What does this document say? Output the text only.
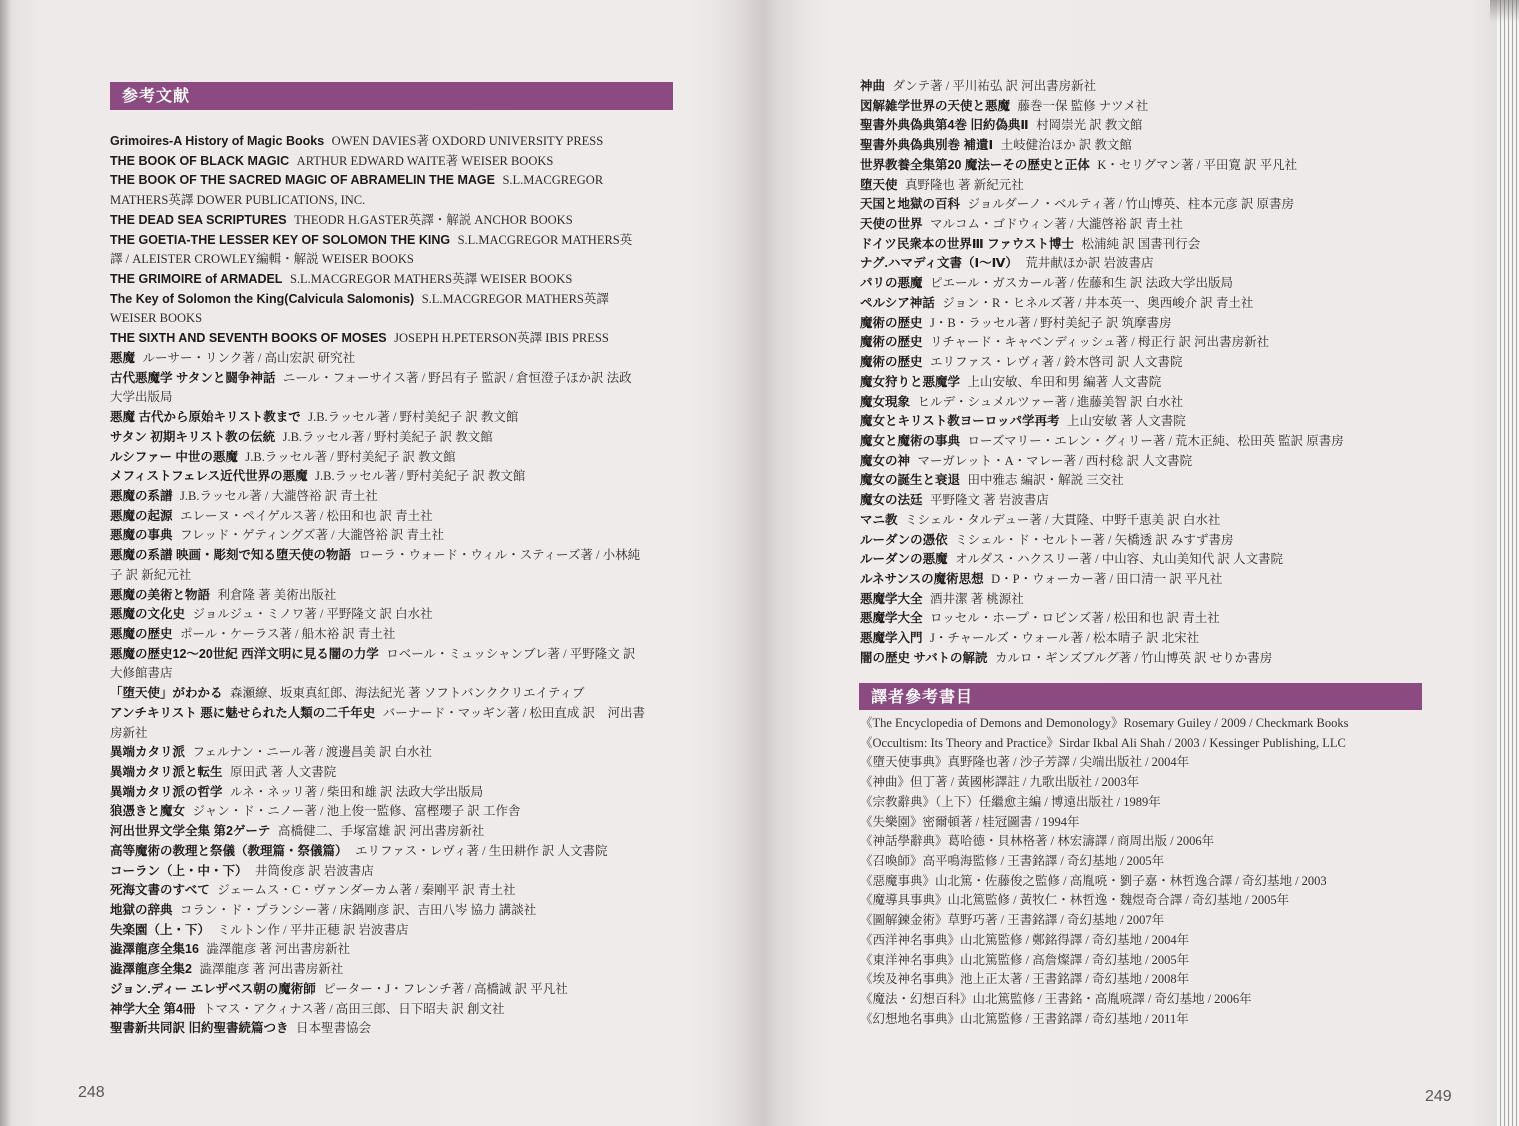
参考文献
Grimoires-A History of Magic Books OWEN DAVIES著 OXDORD UNIVERSITY PRESS
THE BOOK OF BLACK MAGIC ARTHUR EDWARD WAITE著 WEISER BOOKS
THE BOOK OF THE SACRED MAGIC OF ABRAMELIN THE MAGE S.L.MACGREGOR
MATHERS英譯 DOWER PUBLICATIONS, INC.
THE DEAD SEA SCRIPTURES THEODR H.GASTER英譯・解説 ANCHOR BOOKS
THE GOETIA-THE LESSER KEY OF SOLOMON THE KING S.L.MACGREGOR MATHERS英
譯 / ALEISTER CROWLEY編輯・解説 WEISER BOOKS
THE GRIMOIRE of ARMADEL S.L.MACGREGOR MATHERS英譯 WEISER BOOKS
The Key of Solomon the King(Calvicula Salomonis) S.L.MACGREGOR MATHERS英譯
WEISER BOOKS
THE SIXTH AND SEVENTH BOOKS OF MOSES JOSEPH H.PETERSON英譯 IBIS PRESS
悪魔 ルーサー・リンク著 / 高山宏訳 研究社
古代悪魔学 サタンと闘争神話 ニール・フォーサイス著 / 野呂有子 監訳 / 倉恒澄子ほか訳 法政
大学出版局
悪魔 古代から原始キリスト教まで J.B.ラッセル著 / 野村美紀子 訳 教文館
サタン 初期キリスト教の伝統 J.B.ラッセル著 / 野村美紀子 訳 教文館
ルシファー 中世の悪魔 J.B.ラッセル著 / 野村美紀子 訳 教文館
メフィストフェレス近代世界の悪魔 J.B.ラッセル著 / 野村美紀子 訳 教文館
悪魔の系譜 J.B.ラッセル著 / 大瀧啓裕 訳 青土社
悪魔の起源 エレーヌ・ペイゲルス著 / 松田和也 訳 青土社
悪魔の事典 フレッド・ゲティングズ著 / 大瀧啓裕 訳 青土社
悪魔の系譜 映画・彫刻で知る堕天使の物語 ローラ・ウォード・ウィル・スティーズ著 / 小林純
子 訳 新紀元社
悪魔の美術と物語 利倉隆 著 美術出版社
悪魔の文化史 ジョルジュ・ミノワ著 / 平野隆文 訳 白水社
悪魔の歴史 ポール・ケーラス著 / 船木裕 訳 青土社
悪魔の歴史12～20世紀 西洋文明に見る闇の力学 ロベール・ミュッシャンブレ著 / 平野隆文 訳
大修館書店
「堕天使」がわかる 森瀬繚、坂東真紅郎、海法紀光 著 ソフトバンククリエイティブ
アンチキリスト 悪に魅せられた人類の二千年史 バーナード・マッギン著 / 松田直成 訳　河出書
房新社
異端カタリ派 フェルナン・ニール著 / 渡邊昌美 訳 白水社
異端カタリ派と転生 原田武 著 人文書院
異端カタリ派の哲学 ルネ・ネッリ著 / 柴田和雄 訳 法政大学出版局
狼憑きと魔女 ジャン・ド・ニノー著 / 池上俊一監修、富樫瓔子 訳 工作舎
河出世界文学全集 第2ゲーテ 高橋健二、手塚富雄 訳 河出書房新社
高等魔術の教理と祭儀（教理篇・祭儀篇） エリファス・レヴィ著 / 生田耕作 訳 人文書院
コーラン（上・中・下） 井筒俊彦 訳 岩波書店
死海文書のすべて ジェームス・C・ヴァンダーカム著 / 秦剛平 訳 青土社
地獄の辞典 コラン・ド・プランシー著 / 床鍋剛彦 訳、吉田八岑 協力 講談社
失楽園（上・下） ミルトン作 / 平井正穂 訳 岩波書店
澁澤龍彦全集16 澁澤龍彦 著 河出書房新社
澁澤龍彦全集2 澁澤龍彦 著 河出書房新社
ジョン.ディー エレザベス朝の魔術師 ピーター・J・フレンチ著 / 高橋誠 訳 平凡社
神学大全 第4冊 トマス・アクィナス著 / 高田三郎、日下昭夫 訳 創文社
聖書新共同訳 旧約聖書続篇つき 日本聖書協会
248
神曲 ダンテ著 / 平川祐弘 訳 河出書房新社
図解雑学世界の天使と悪魔 藤巻一保 監修 ナツメ社
聖書外典偽典第4巻 旧約偽典Ⅱ 村岡崇光 訳 教文館
聖書外典偽典別巻 補遺Ⅰ 土岐健治ほか 訳 教文館
世界教養全集第20 魔法ーその歴史と正体 K・セリグマン著 / 平田寛 訳 平凡社
堕天使 真野隆也 著 新紀元社
天国と地獄の百科 ジョルダーノ・ベルティ著 / 竹山博英、柱本元彦 訳 原書房
天使の世界 マルコム・ゴドウィン著 / 大瀧啓裕 訳 青土社
ドイツ民衆本の世界Ⅲ ファウスト博士 松浦純 訳 国書刊行会
ナグ.ハマディ文書（Ⅰ～Ⅳ） 荒井献ほか訳 岩波書店
パリの悪魔 ピエール・ガスカール著 / 佐藤和生 訳 法政大学出版局
ペルシア神話 ジョン・R・ヒネルズ著 / 井本英一、奥西峻介 訳 青土社
魔術の歴史 J・B・ラッセル著 / 野村美紀子 訳 筑摩書房
魔術の歴史 リチャード・キャベンディッシュ著 / 栂正行 訳 河出書房新社
魔術の歴史 エリファス・レヴィ著 / 鈴木啓司 訳 人文書院
魔女狩りと悪魔学 上山安敏、牟田和男 編著 人文書院
魔女現象 ヒルデ・シュメルツァー著 / 進藤美智 訳 白水社
魔女とキリスト教ヨーロッパ学再考 上山安敏 著 人文書院
魔女と魔術の事典 ローズマリー・エレン・グィリー著 / 荒木正純、松田英 監訳 原書房
魔女の神 マーガレット・A・マレー著 / 西村稔 訳 人文書院
魔女の誕生と衰退 田中雅志 編訳・解説 三交社
魔女の法廷 平野隆文 著 岩波書店
マニ教 ミシェル・タルデュー著 / 大貫隆、中野千恵美 訳 白水社
ルーダンの憑依 ミシェル・ド・セルトー著 / 矢橋透 訳 みすず書房
ルーダンの悪魔 オルダス・ハクスリー著 / 中山容、丸山美知代 訳 人文書院
ルネサンスの魔術思想 D・P・ウォーカー著 / 田口清一 訳 平凡社
悪魔学大全 酒井潔 著 桃源社
悪魔学大全 ロッセル・ホープ・ロビンズ著 / 松田和也 訳 青土社
悪魔学入門 J・チャールズ・ウォール著 / 松本晴子 訳 北宋社
闇の歴史 サバトの解読 カルロ・ギンズブルグ著 / 竹山博英 訳 せりか書房
譯者參考書目
《The Encyclopedia of Demons and Demonology》Rosemary Guiley / 2009 / Checkmark Books
《Occultism: Its Theory and Practice》Sirdar Ikbal Ali Shah / 2003 / Kessinger Publishing, LLC
《墮天使事典》真野隆也著 / 沙子芳譯 / 尖端出版社 / 2004年
《神曲》但丁著 / 黃國彬譯註 / 九歌出版社 / 2003年
《宗教辭典》（上下）任繼愈主編 / 博遠出版社 / 1989年
《失樂園》密爾頓著 / 桂冠圖書 / 1994年
《神話學辭典》葛哈德・貝林格著 / 林宏濤譯 / 商周出版 / 2006年
《召喚師》高平鳴海監修 / 王書銘譯 / 奇幻基地 / 2005年
《惡魔事典》山北篤・佐藤俊之監修 / 高胤喨・劉子嘉・林哲逸合譯 / 奇幻基地 / 2003
《魔導具事典》山北篤監修 / 黃牧仁・林哲逸・魏煜奇合譯 / 奇幻基地 / 2005年
《圖解鍊金術》草野巧著 / 王書銘譯 / 奇幻基地 / 2007年
《西洋神名事典》山北篤監修 / 鄭銘得譯 / 奇幻基地 / 2004年
《東洋神名事典》山北篤監修 / 高詹燦譯 / 奇幻基地 / 2005年
《埃及神名事典》池上正太著 / 王書銘譯 / 奇幻基地 / 2008年
《魔法・幻想百科》山北篤監修 / 王書銘・高胤喨譯 / 奇幻基地 / 2006年
《幻想地名事典》山北篤監修 / 王書銘譯 / 奇幻基地 / 2011年
249
